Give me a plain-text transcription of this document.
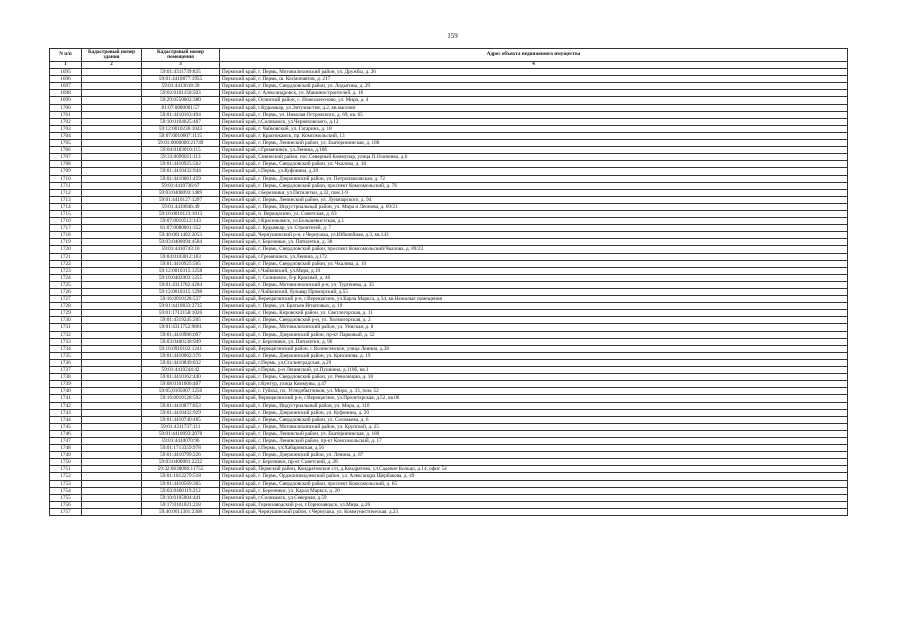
159
N п/п	Кадастровый номер здания	Кадастровый номер помещения	Адрес объекта недвижимого имущества
1	2	3	4
1695		59:01:4311739:835	Пермский край, г. Пермь, Мотовилихинский район, ул. Дружбы, д. 26
1696		59:01:4410877:1955	Пермский край, г. Пермь, ш. Космонавтов, д. 217
1697		59:01:4413618:39	Пермский край, г. Пермь, Свердловский район, ул. Лодыгина, д. 29
1698		59:02:0101150:503	Пермский край, г. Александровск, ул. Машиностроителей, д. 18
1699		59:29:0550002:380	Пермский край, Осинский район, с. Новозалесново, ул. Мира, д. 4
1700		81:07:0080001:57	Пермский край, г.Кудымкар, ул.Энтузиастов, д.2, кв.магазин
1701		59:01:4410163:494	Пермский край, г. Пермь, ул. Николая Островского, д. 69, кв. 65
1702		59:10:0104025:407	Пермский край, г.Соликамск, ул.Черняховского, д.12
1703		59:12:0010236:1043	Пермский край, г. Чайковский, ул. Гагарина, д. 18
1704		59:07:0010607:1115	Пермский край, г. Краснокамск, пр. Комсомольский, 13
1705		59:01:0000000:21749	Пермский край, г. Пермь, Ленинский район, ул. Екатерининская, д. 188
1706		59:04:0103010:115	Пермский край, г.Гремячинск, ул.Ленина, д.10б
1707		59:33:0690011:113	Пермский край, Сивинский район, пос.Северный Коммунар, улица П.Осипенко, д.6
1708		59:01:4410925:562	Пермский край, г. Пермь, Свердловский район, ул. Чкалова, д. 10
1709		59:01:4410432:944	Пермский край, г.Пермь, ул.Куфонина, д.20
1710		59:01:4410061:459	Пермский край, г. Пермь, Дзержинский район, ул. Петропавловская, д. 72
1711		59:01:4410736:67	Пермский край, г. Пермь, Свердловский район, проспект Комсомольский, д. 76
1712		59:03:0400093:1489	Пермский край, г.Березники, ул.Пятилетки, д.32, пом.1-9
1713		59:01:4410127:1297	Пермский край, г. Пермь, Ленинский район, ул. Луначарского, д. 94
1714		59:01:4410846:49	Пермский край, г. Пермь, Индустриальный район, ул. Мира и Леонова, д. 69/21
1715		59:16:0010123:1013	Пермский край, п. Верещагино, ул. Советская, д. 63
1716		59:07:0010512:143	Пермский край, г.Краснокамск, ул.Большевистская, д.1
1717		81:07:0080001:352	Пермский край, г. Кудымкар, ул. Строителей, д. 7
1718		59:40:0011402:2053	Пермский край, Чернушинский р-н, г.Чернушка, ул.Юбилейная, д.3, кв.143
1719		59:03:0400094:4584	Пермский край, г. Березники, ул. Пятилетки, д. 38
1720		59:01:4410743:10	Пермский край, г. Пермь, Свердловский район, проспект Комсомольский/Чкалова, д. 89/23
1721		59:04:0103012:183	Пермский край, г.Гремячинск, ул.Ленина, д.172
1722		59:01:4410925:565	Пермский край, г. Пермь, Свердловский район, ул. Чкалова, д. 10
1723		59:12:0010315:1258	Пермский край, г.Чайковский, ул.Мира, д.10
1724		59:10:0402003:1255	Пермский край, г. Соликамск, б-р Красный, д. 40
1725		59:01:4311782:4284	Пермский край, г. Пермь, Мотовилихинский р-н, ул. Тургенева, д. 35
1726		59:12:0010315:1298	Пермский край, г.Чайковский, бульвар Приморский, д.55
1727		59:16:0010128:537	Пермский край, Верещагинский р-н, г.Верещагино, ул.Карла Маркса, д.34, кв.Нежилые помещения
1728		59:01:4410833:2735	Пермский край, г. Пермь, ул. Братьев Игнатовых, д. 19
1729		59:01:1713158:1026	Пермский край, г. Пермь, Кировский район, ул. Светлогорская, д. 11
1730		59:01:4319245:205	Пермский край, г. Пермь, Свердловский р-н, ул. Холмогорская, д. 2
1731		59:01:4311752:9861	Пермский край, г. Пермь, Мотовилихинский район, ул. Уинская, д. 8
1732		59:01:4410986:607	Пермский край, г. Пермь, Дзержинский район, пр-кт Парковый, д. 52
1733		59:03:0400138:949	Пермский край, г. Березники, ул. Пятилетки, д. 96
1734		59:16:0910102:1241	Пермский край, Верещагинский район, с.Вознесенское, улица Ленина, д.38
1735		59:01:4410062:376	Пермский край, г. Пермь, Дзержинский район, ул. Крисанова, д. 19
1736		59:01:4410849:832	Пермский край, г.Пермь, ул.Сталинградская, д.29
1737		59:01:4410244:42	Пермский край, г.Пермь, р-н Ленинский, ул.Пушкина, д.110б, кв.1
1738		59:01:4410162:440	Пермский край, г. Пермь, Свердловский район, ул. Революции, д. 18
1739		59:08:0101006:407	Пермский край, г.Кунгур, улица Коммуны, д.47
1740		59:05:0105007:1256	Пермский край, г. Губаха, пл. Угледобытчиков, ул. Мира, д. 33, пом. 52
1741		59:16:0010128:592	Пермский край, Верещагинский р-н, г.Верещагино, ул.Пролетарская, д.52, кв.06
1742		59:01:4410877:853	Пермский край, г. Пермь, Индустриальный район, ул. Мира, д. 110
1743		59:01:4410432:929	Пермский край, г. Пермь, Дзержинский район, ул. Куфонина, д. 20
1744		59:01:4410740:485	Пермский край, г. Пермь, Свердловский район, ул. Соловьева, д. 6
1745		59:01:4311737:111	Пермский край, г. Пермь, Мотовилихинский район, ул. Крупской, д. 25
1746		59:01:4410093:2078	Пермский край, г. Пермь, Ленинский район, ул. Екатерининская, д. 180
1747		59:01:4410070:96	Пермский край, г. Пермь, Ленинский район, пр-кт Комсомольский, д. 17
1748		59:01:1713359:978	Пермский край, г.Пермь, ул.Хабаровская, д.56
1749		59:01:4410799:226	Пермский край, г. Пермь, Дзержинский район, ул. Ленина, д. 87
1750		59:03:0400081:2232	Пермский край, г. Березники, пр-кт Советский, д. 28
1751		59:32:0630006:11755	Пермский край, Пермский район, Кондратовское с/п, д.Кондратово, ул.Садовое Кольцо, д.14, офис 54
1752		59:01:1812279:518	Пермский край, г. Пермь, Орджоникидзевский район, ул. Александра Щербакова, д. 49
1753		59:01:4410569:365	Пермский край, г. Пермь, Свердловский район, проспект Комсомольский, д. 65
1754		59:03:0400119:212	Пермский край, г. Березники, ул. Карла Маркса, д. 20
1755		59:10:0105004:441	Пермский край, г.Соликамск, ул.Северная, д.59
1756		59:17:0101021:218	Пермский край, Горнозаводский р-н, г.Горнозаводск, ул.Мира, д.26
1757		59:40:0011301:2308	Пермский край, Чернушинский район, г.Чернушка, ул. Коммунистическая, д.23
